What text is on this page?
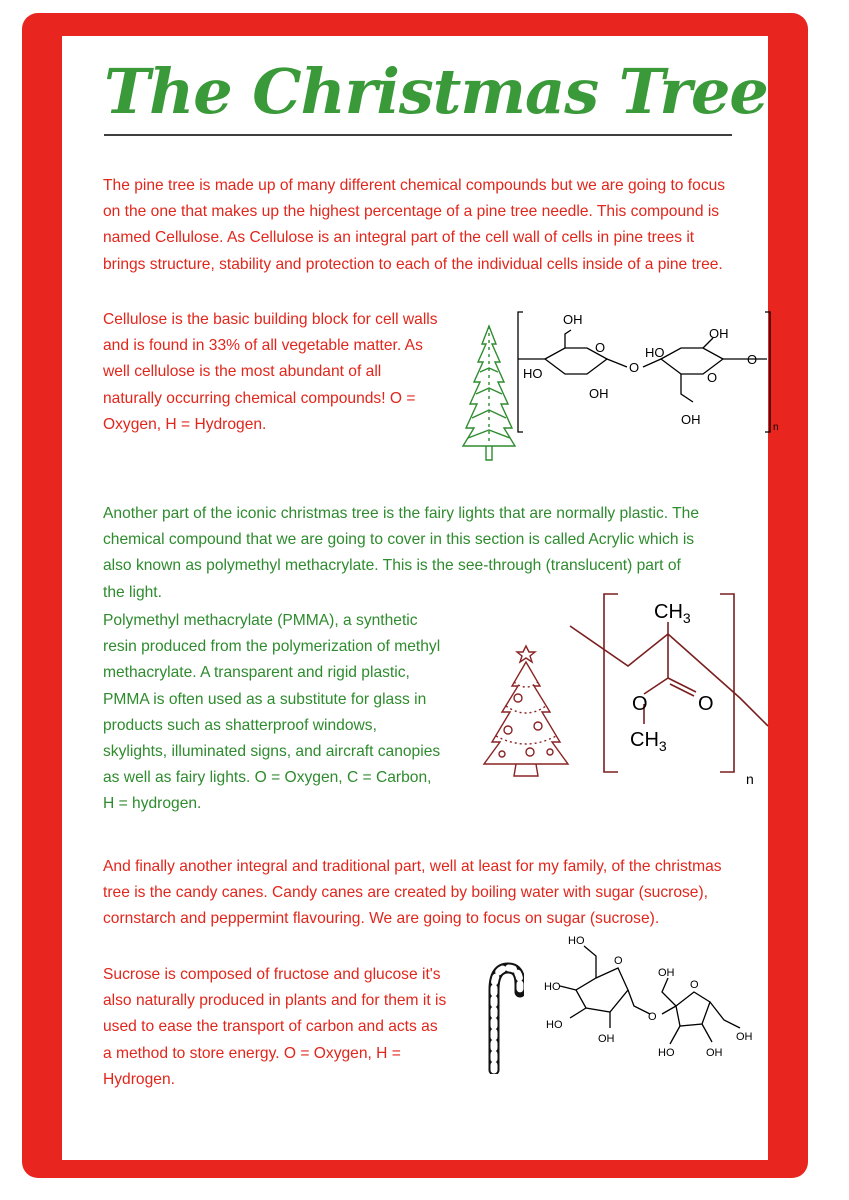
The Christmas Tree

The pine tree is made up of many different chemical compounds but we are going to focus on the one that makes up the highest percentage of a pine tree needle. This compound is named Cellulose. As Cellulose is an integral part of the cell wall of cells in pine trees it brings structure, stability and protection to each of the individual cells inside of a pine tree.

Cellulose is the basic building block for cell walls and is found in 33% of all vegetable matter. As well cellulose is the most abundant of all naturally occurring chemical compounds! O = Oxygen, H = Hydrogen.

Another part of the iconic christmas tree is the fairy lights that are normally plastic. The chemical compound that we are going to cover in this section is called Acrylic which is also known as polymethyl methacrylate. This is the see-through (translucent) part of the light.

Polymethyl methacrylate (PMMA), a synthetic resin produced from the polymerization of methyl methacrylate. A transparent and rigid plastic, PMMA is often used as a substitute for glass in products such as shatterproof windows, skylights, illuminated signs, and aircraft canopies as well as fairy lights. O = Oxygen, C = Carbon, H = hydrogen.

And finally another integral and traditional part, well at least for my family, of the christmas tree is the candy canes. Candy canes are created by boiling water with sugar (sucrose), cornstarch and peppermint flavouring. We are going to focus on sugar (sucrose).

Sucrose is composed of fructose and glucose it's also naturally produced in plants and for them it is used to ease the transport of carbon and acts as a method to store energy. O = Oxygen, H = Hydrogen.

OH
HO
O
OH
O
HO
OH
O
O
OH
n
$CH_3$
O
O
$CH_3$
n
HO
O
HO
HO
OH
O
OH
O
OH
HO	OH
